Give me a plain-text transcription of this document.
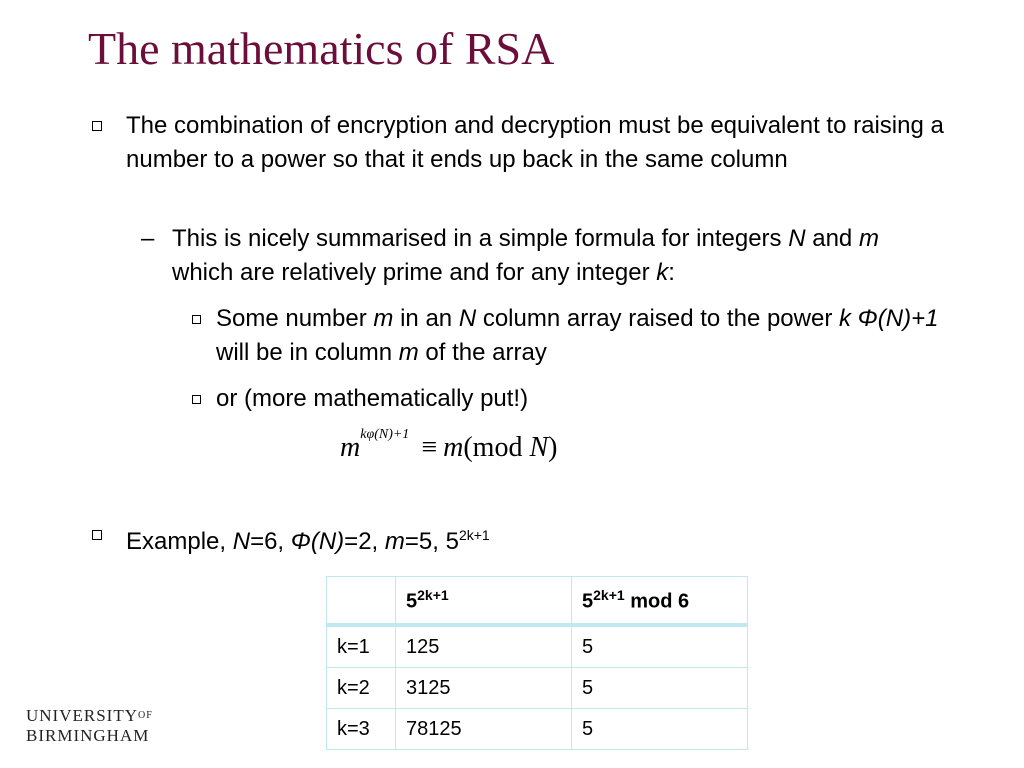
The mathematics of RSA
The combination of encryption and decryption must be equivalent to raising a number to a power so that it ends up back in the same column
– This is nicely summarised in a simple formula for integers N and m which are relatively prime and for any integer k:
Some number m in an N column array raised to the power k Φ(N)+1 will be in column m of the array
or (more mathematically put!)
$m^{k\varphi(N)+1} \equiv m(mod$ N)
Example, N=6, Φ(N)=2, m=5, $5^{2k+1}$
	$5^{2k+1}$	$5^{2k+1}$ mod 6
k=1	125	5
k=2	3125	5
k=3	78125	5
$UNIVERSITY^{OF}$
BIRMINGHAM
